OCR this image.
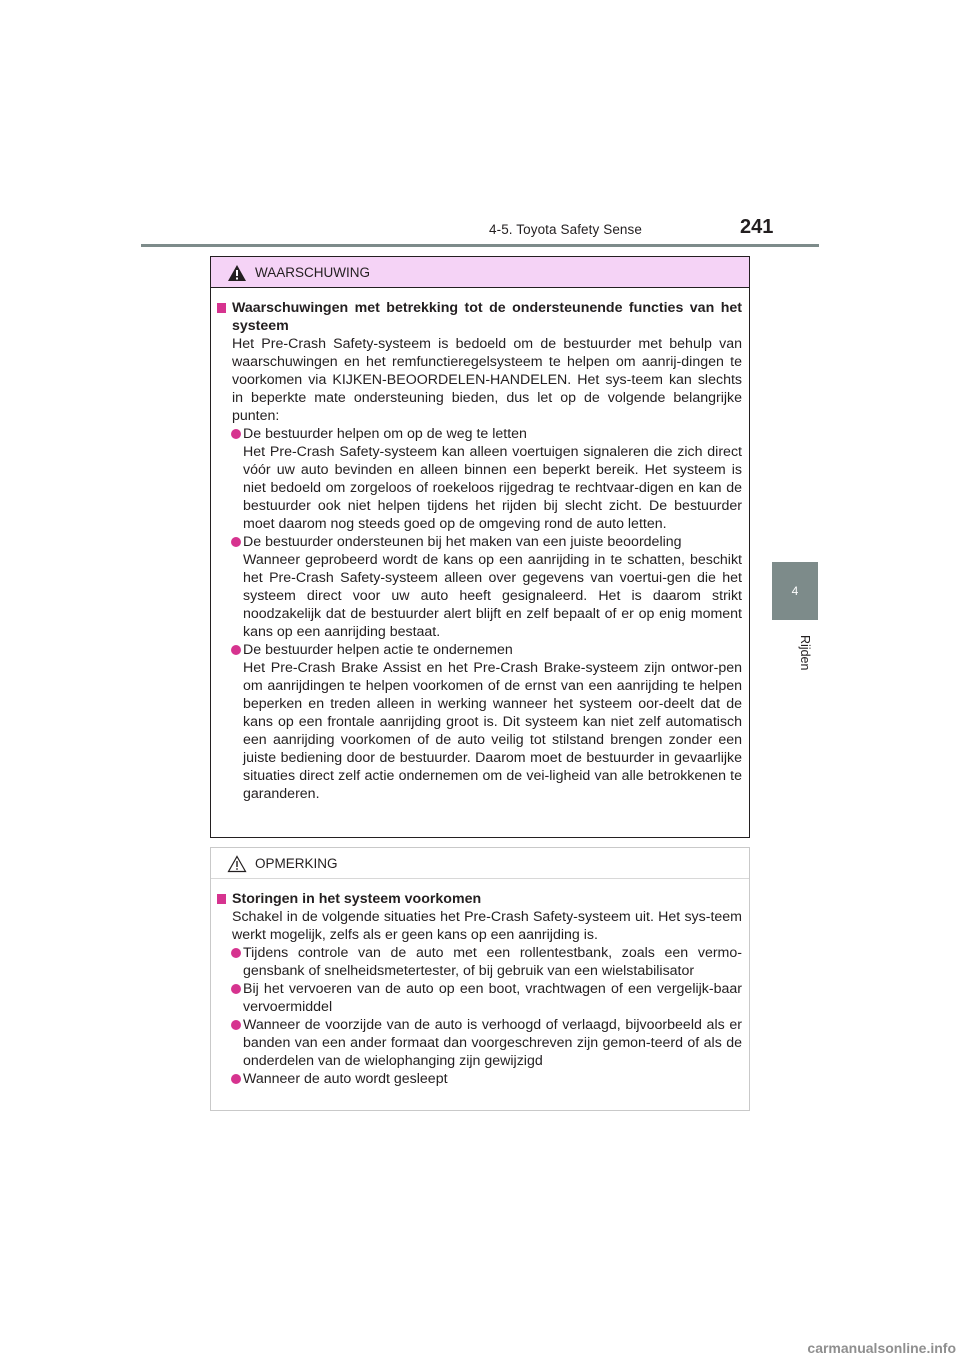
4-5. Toyota Safety Sense	241
4
Rijden
WAARSCHUWING
Waarschuwingen met betrekking tot de ondersteunende functies van het systeem
Het Pre-Crash Safety-systeem is bedoeld om de bestuurder met behulp van waarschuwingen en het remfunctieregelsysteem te helpen om aanrij-dingen te voorkomen via KIJKEN-BEOORDELEN-HANDELEN. Het sys-teem kan slechts in beperkte mate ondersteuning bieden, dus let op de volgende belangrijke punten:
De bestuurder helpen om op de weg te letten
Het Pre-Crash Safety-systeem kan alleen voertuigen signaleren die zich direct vóór uw auto bevinden en alleen binnen een beperkt bereik. Het systeem is niet bedoeld om zorgeloos of roekeloos rijgedrag te rechtvaar-digen en kan de bestuurder ook niet helpen tijdens het rijden bij slecht zicht. De bestuurder moet daarom nog steeds goed op de omgeving rond de auto letten.
De bestuurder ondersteunen bij het maken van een juiste beoordeling
Wanneer geprobeerd wordt de kans op een aanrijding in te schatten, beschikt het Pre-Crash Safety-systeem alleen over gegevens van voertui-gen die het systeem direct voor uw auto heeft gesignaleerd. Het is daarom strikt noodzakelijk dat de bestuurder alert blijft en zelf bepaalt of er op enig moment kans op een aanrijding bestaat.
De bestuurder helpen actie te ondernemen
Het Pre-Crash Brake Assist en het Pre-Crash Brake-systeem zijn ontwor-pen om aanrijdingen te helpen voorkomen of de ernst van een aanrijding te helpen beperken en treden alleen in werking wanneer het systeem oor-deelt dat de kans op een frontale aanrijding groot is. Dit systeem kan niet zelf automatisch een aanrijding voorkomen of de auto veilig tot stilstand brengen zonder een juiste bediening door de bestuurder. Daarom moet de bestuurder in gevaarlijke situaties direct zelf actie ondernemen om de vei-ligheid van alle betrokkenen te garanderen.
OPMERKING
Storingen in het systeem voorkomen
Schakel in de volgende situaties het Pre-Crash Safety-systeem uit. Het sys-teem werkt mogelijk, zelfs als er geen kans op een aanrijding is.
Tijdens controle van de auto met een rollentestbank, zoals een vermo-gensbank of snelheidsmetertester, of bij gebruik van een wielstabilisator
Bij het vervoeren van de auto op een boot, vrachtwagen of een vergelijk-baar vervoermiddel
Wanneer de voorzijde van de auto is verhoogd of verlaagd, bijvoorbeeld als er banden van een ander formaat dan voorgeschreven zijn gemon-teerd of als de onderdelen van de wielophanging zijn gewijzigd
Wanneer de auto wordt gesleept
carmanualsonline.info
